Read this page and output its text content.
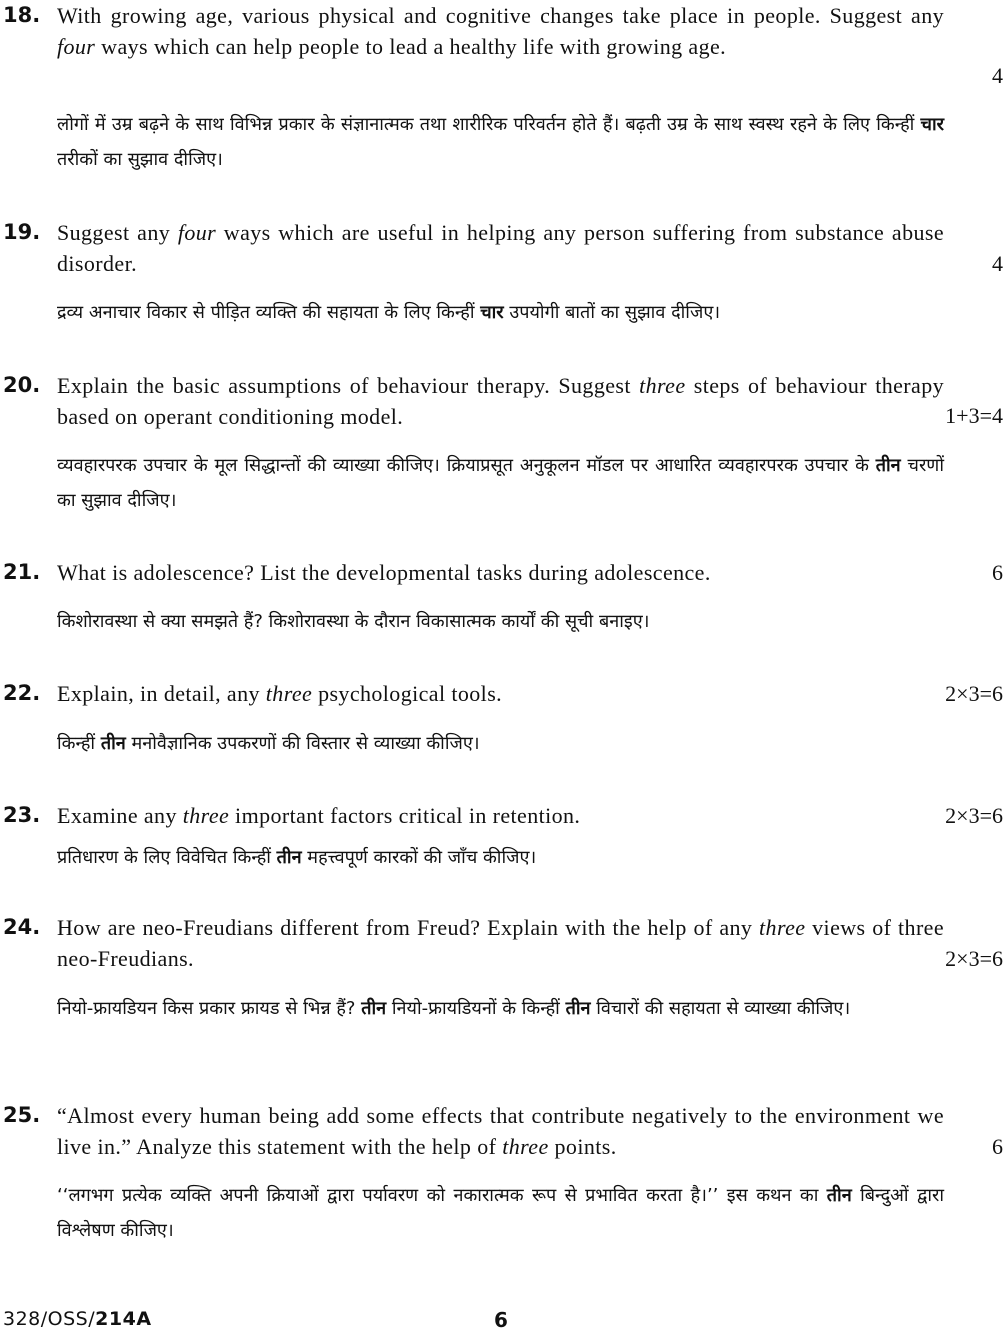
18. With growing age, various physical and cognitive changes take place in people. Suggest any four ways which can help people to lead a healthy life with growing age.
4
लोगों में उम्र बढ़ने के साथ विभिन्न प्रकार के संज्ञानात्मक तथा शारीरिक परिवर्तन होते हैं। बढ़ती उम्र के साथ स्वस्थ रहने के लिए किन्हीं चार तरीकों का सुझाव दीजिए।
19. Suggest any four ways which are useful in helping any person suffering from substance abuse disorder.	4
द्रव्य अनाचार विकार से पीड़ित व्यक्ति की सहायता के लिए किन्हीं चार उपयोगी बातों का सुझाव दीजिए।
20. Explain the basic assumptions of behaviour therapy. Suggest three steps of behaviour therapy based on operant conditioning model.	1+3=4
व्यवहारपरक उपचार के मूल सिद्धान्तों की व्याख्या कीजिए। क्रियाप्रसूत अनुकूलन मॉडल पर आधारित व्यवहारपरक उपचार के तीन चरणों का सुझाव दीजिए।
21. What is adolescence? List the developmental tasks during adolescence.	6
किशोरावस्था से क्या समझते हैं? किशोरावस्था के दौरान विकासात्मक कार्यों की सूची बनाइए।
22. Explain, in detail, any three psychological tools.	2×3=6
किन्हीं तीन मनोवैज्ञानिक उपकरणों की विस्तार से व्याख्या कीजिए।
23. Examine any three important factors critical in retention.	2×3=6
प्रतिधारण के लिए विवेचित किन्हीं तीन महत्त्वपूर्ण कारकों की जाँच कीजिए।
24. How are neo-Freudians different from Freud? Explain with the help of any three views of three neo-Freudians.	2×3=6
नियो-फ्रायडियन किस प्रकार फ्रायड से भिन्न हैं? तीन नियो-फ्रायडियनों के किन्हीं तीन विचारों की सहायता से व्याख्या कीजिए।
25. “Almost every human being add some effects that contribute negatively to the environment we live in.” Analyze this statement with the help of three points.	6
‘‘लगभग प्रत्येक व्यक्ति अपनी क्रियाओं द्वारा पर्यावरण को नकारात्मक रूप से प्रभावित करता है।’’ इस कथन का तीन बिन्दुओं द्वारा विश्लेषण कीजिए।
328/OSS/214A	6
